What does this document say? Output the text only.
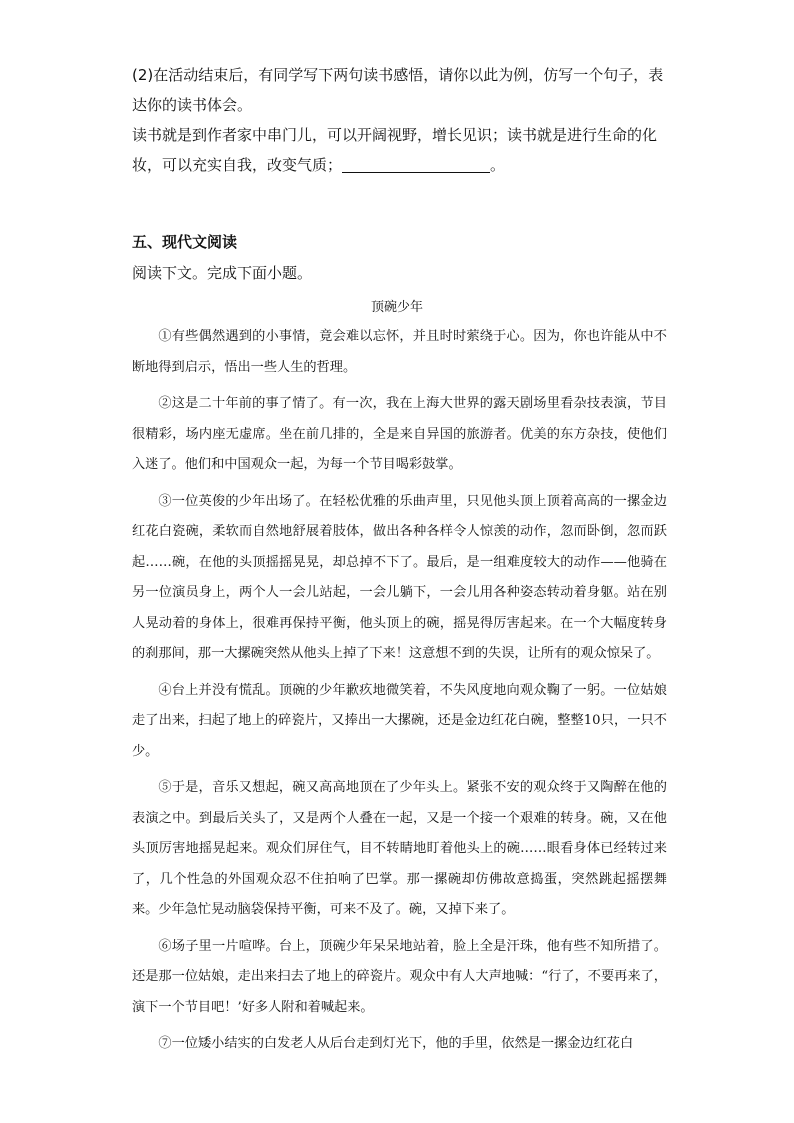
(2)在活动结束后，有同学写下两句读书感悟，请你以此为例，仿写一个句子，表达你的读书体会。
读书就是到作者家中串门儿，可以开阔视野，增长见识；读书就是进行生命的化妆，可以充实自我，改变气质；	。
五、现代文阅读
阅读下文。完成下面小题。
顶碗少年

①有些偶然遇到的小事情，竟会难以忘怀，并且时时萦绕于心。因为，你也许能从中不断地得到启示，悟出一些人生的哲理。

②这是二十年前的事了情了。有一次，我在上海大世界的露天剧场里看杂技表演，节目很精彩，场内座无虚席。坐在前几排的，全是来自异国的旅游者。优美的东方杂技，使他们入迷了。他们和中国观众一起，为每一个节目喝彩鼓掌。

③一位英俊的少年出场了。在轻松优雅的乐曲声里，只见他头顶上顶着高高的一摞金边红花白瓷碗，柔软而自然地舒展着肢体，做出各种各样令人惊羡的动作，忽而卧倒，忽而跃起……碗，在他的头顶摇摇晃晃，却总掉不下了。最后，是一组难度较大的动作——他骑在另一位演员身上，两个人一会儿站起，一会儿躺下，一会儿用各种姿态转动着身躯。站在别人晃动着的身体上，很难再保持平衡，他头顶上的碗，摇晃得厉害起来。在一个大幅度转身的刹那间，那一大摞碗突然从他头上掉了下来！这意想不到的失误，让所有的观众惊呆了。

④台上并没有慌乱。顶碗的少年歉疚地微笑着，不失风度地向观众鞠了一躬。一位姑娘走了出来，扫起了地上的碎瓷片，又捧出一大摞碗，还是金边红花白碗，整整10只，一只不少。

⑤于是，音乐又想起，碗又高高地顶在了少年头上。紧张不安的观众终于又陶醉在他的表演之中。到最后关头了，又是两个人叠在一起，又是一个接一个艰难的转身。碗，又在他头顶厉害地摇晃起来。观众们屏住气，目不转睛地盯着他头上的碗……眼看身体已经转过来了，几个性急的外国观众忍不住拍响了巴掌。那一摞碗却仿佛故意捣蛋，突然跳起摇摆舞来。少年急忙晃动脑袋保持平衡，可来不及了。碗，又掉下来了。

⑥场子里一片喧哗。台上，顶碗少年呆呆地站着，脸上全是汗珠，他有些不知所措了。还是那一位姑娘，走出来扫去了地上的碎瓷片。观众中有人大声地喊：“行了，不要再来了，演下一个节目吧！’好多人附和着喊起来。

⑦一位矮小结实的白发老人从后台走到灯光下，他的手里，依然是一摞金边红花白
